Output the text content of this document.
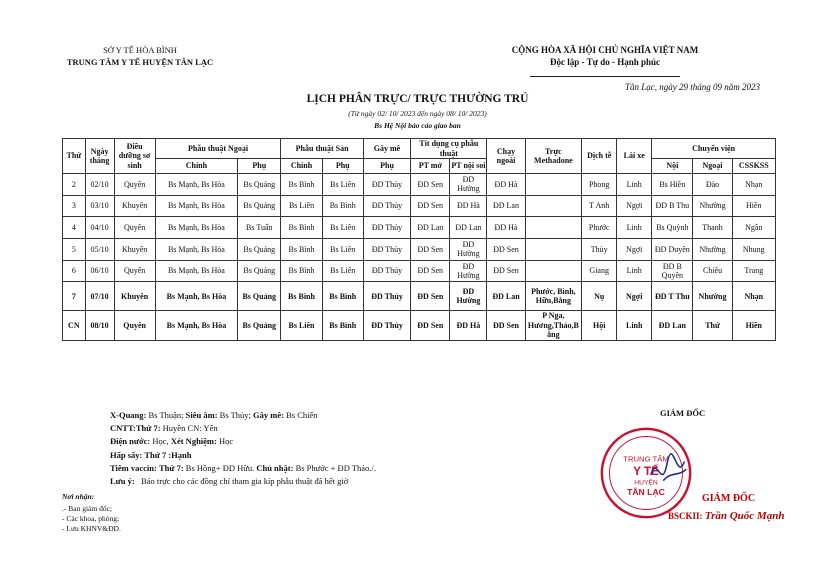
SỞ Y TẾ HÒA BÌNH
TRUNG TÂM Y TẾ HUYỆN TÂN LẠC
CỘNG HÒA XÃ HỘI CHỦ NGHĨA VIỆT NAM
Độc lập - Tự do - Hạnh phúc
Tân Lạc, ngày 29 tháng 09 năm 2023
LỊCH PHÂN TRỰC/ TRỰC THƯỜNG TRÚ
(Từ ngày 02/ 10/ 2023 đến ngày 08/ 10/ 2023)
Bs Hệ Nội báo cáo giao ban
Thứ	Ngày tháng	Điều dưỡng sơ sinh	Phẫu thuật Ngoại		Phẫu thuật Sản		Gây mê	Tít dụng cụ phẫu thuật		Chạy ngoài	Trực Methadone	Dịch tễ	Lái xe	Chuyển viện		
			Chính	Phụ	Chính	Phụ	Phụ	PT mở	PT nội soi					Nội	Ngoại	CSSKSS
2	02/10	Quyên	Bs Mạnh, Bs Hòa	Bs Quảng	Bs Bình	Bs Liên	ĐD Thủy	ĐD Sen	ĐD Hường	ĐD Hà		Phong	Linh	Bs Hiền	Đào	Nhạn
3	03/10	Khuyên	Bs Mạnh, Bs Hòa	Bs Quảng	Bs Liên	Bs Bình	ĐD Thủy	ĐD Sen	ĐD Hà	ĐD Lan		T Anh	Ngợi	ĐD B Thu	Nhường	Hiền
4	04/10	Quyên	Bs Mạnh, Bs Hòa	Bs Tuấn	Bs Bình	Bs Liên	ĐD Thủy	ĐD Lan	ĐD Lan	ĐD Hà		Phước	Linh	Bs Quỳnh	Thanh	Ngần
5	05/10	Khuyên	Bs Mạnh, Bs Hòa	Bs Quảng	Bs Bình	Bs Liên	ĐD Thủy	ĐD Sen	ĐD Hường	ĐD Sen		Thùy	Ngợi	ĐD Duyên	Nhường	Nhung
6	06/10	Quyên	Bs Mạnh, Bs Hòa	Bs Quảng	Bs Bình	Bs Liên	ĐD Thủy	ĐD Sen	ĐD Hường	ĐD Sen		Giang	Linh	ĐD B Quyên	Chiêu	Trang
7	07/10	Khuyên	Bs Mạnh, Bs Hòa	Bs Quảng	Bs Bình	Bs Bình	ĐD Thủy	ĐD Sen	ĐD Hường	ĐD Lan	Phước, Bình, Hữu,Bằng	Nụ	Ngợi	ĐD T Thu	Nhường	Nhạn
CN	08/10	Quyên	Bs Mạnh, Bs Hòa	Bs Quảng	Bs Liên	Bs Bình	ĐD Thủy	ĐD Sen	ĐD Hà	ĐD Sen	P Nga, Hương,Thảo,B ằng	Hội	Linh	ĐD Lan	Thứ	Hiền
X-Quang: Bs Thuận; Siêu âm: Bs Thủy; Gây mê: Bs Chiến
CNTT:Thứ 7: Huyền CN: Yến
Điện nước: Học, Xét Nghiệm: Học
Hấp sấy: Thứ 7 :Hạnh
Tiêm vaccin: Thứ 7: Bs Hồng+ ĐD Hữu. Chủ nhật: Bs Phước + ĐD Thảo./.
Lưu ý: Báo trực cho các đồng chí tham gia kíp phẫu thuật đã hết giờ
Nơi nhận:
.- Ban giám đốc;
- Các khoa, phòng;
- Lưu KHNV&ĐD.
GIÁM ĐỐC
TRUNG TÂM
Y TẾ
HUYỆN
TÂN LẠC
GIÁM ĐỐC
BSCKII: Trần Quốc Mạnh
